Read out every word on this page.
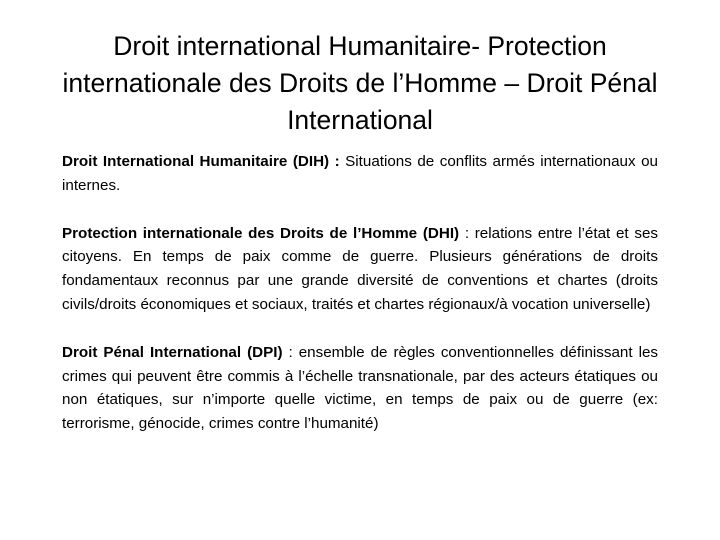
Droit international Humanitaire- Protection internationale des Droits de l’Homme – Droit Pénal International

Droit International Humanitaire (DIH) : Situations de conflits armés internationaux ou internes.

Protection internationale des Droits de l’Homme (DHI) : relations entre l’état et ses citoyens. En temps de paix comme de guerre. Plusieurs générations de droits fondamentaux reconnus par une grande diversité de conventions et chartes (droits civils/droits économiques et sociaux, traités et chartes régionaux/à vocation universelle)

Droit Pénal International (DPI) : ensemble de règles conventionnelles définissant les crimes qui peuvent être commis à l’échelle transnationale, par des acteurs étatiques ou non étatiques, sur n’importe quelle victime, en temps de paix ou de guerre (ex: terrorisme, génocide, crimes contre l’humanité)
